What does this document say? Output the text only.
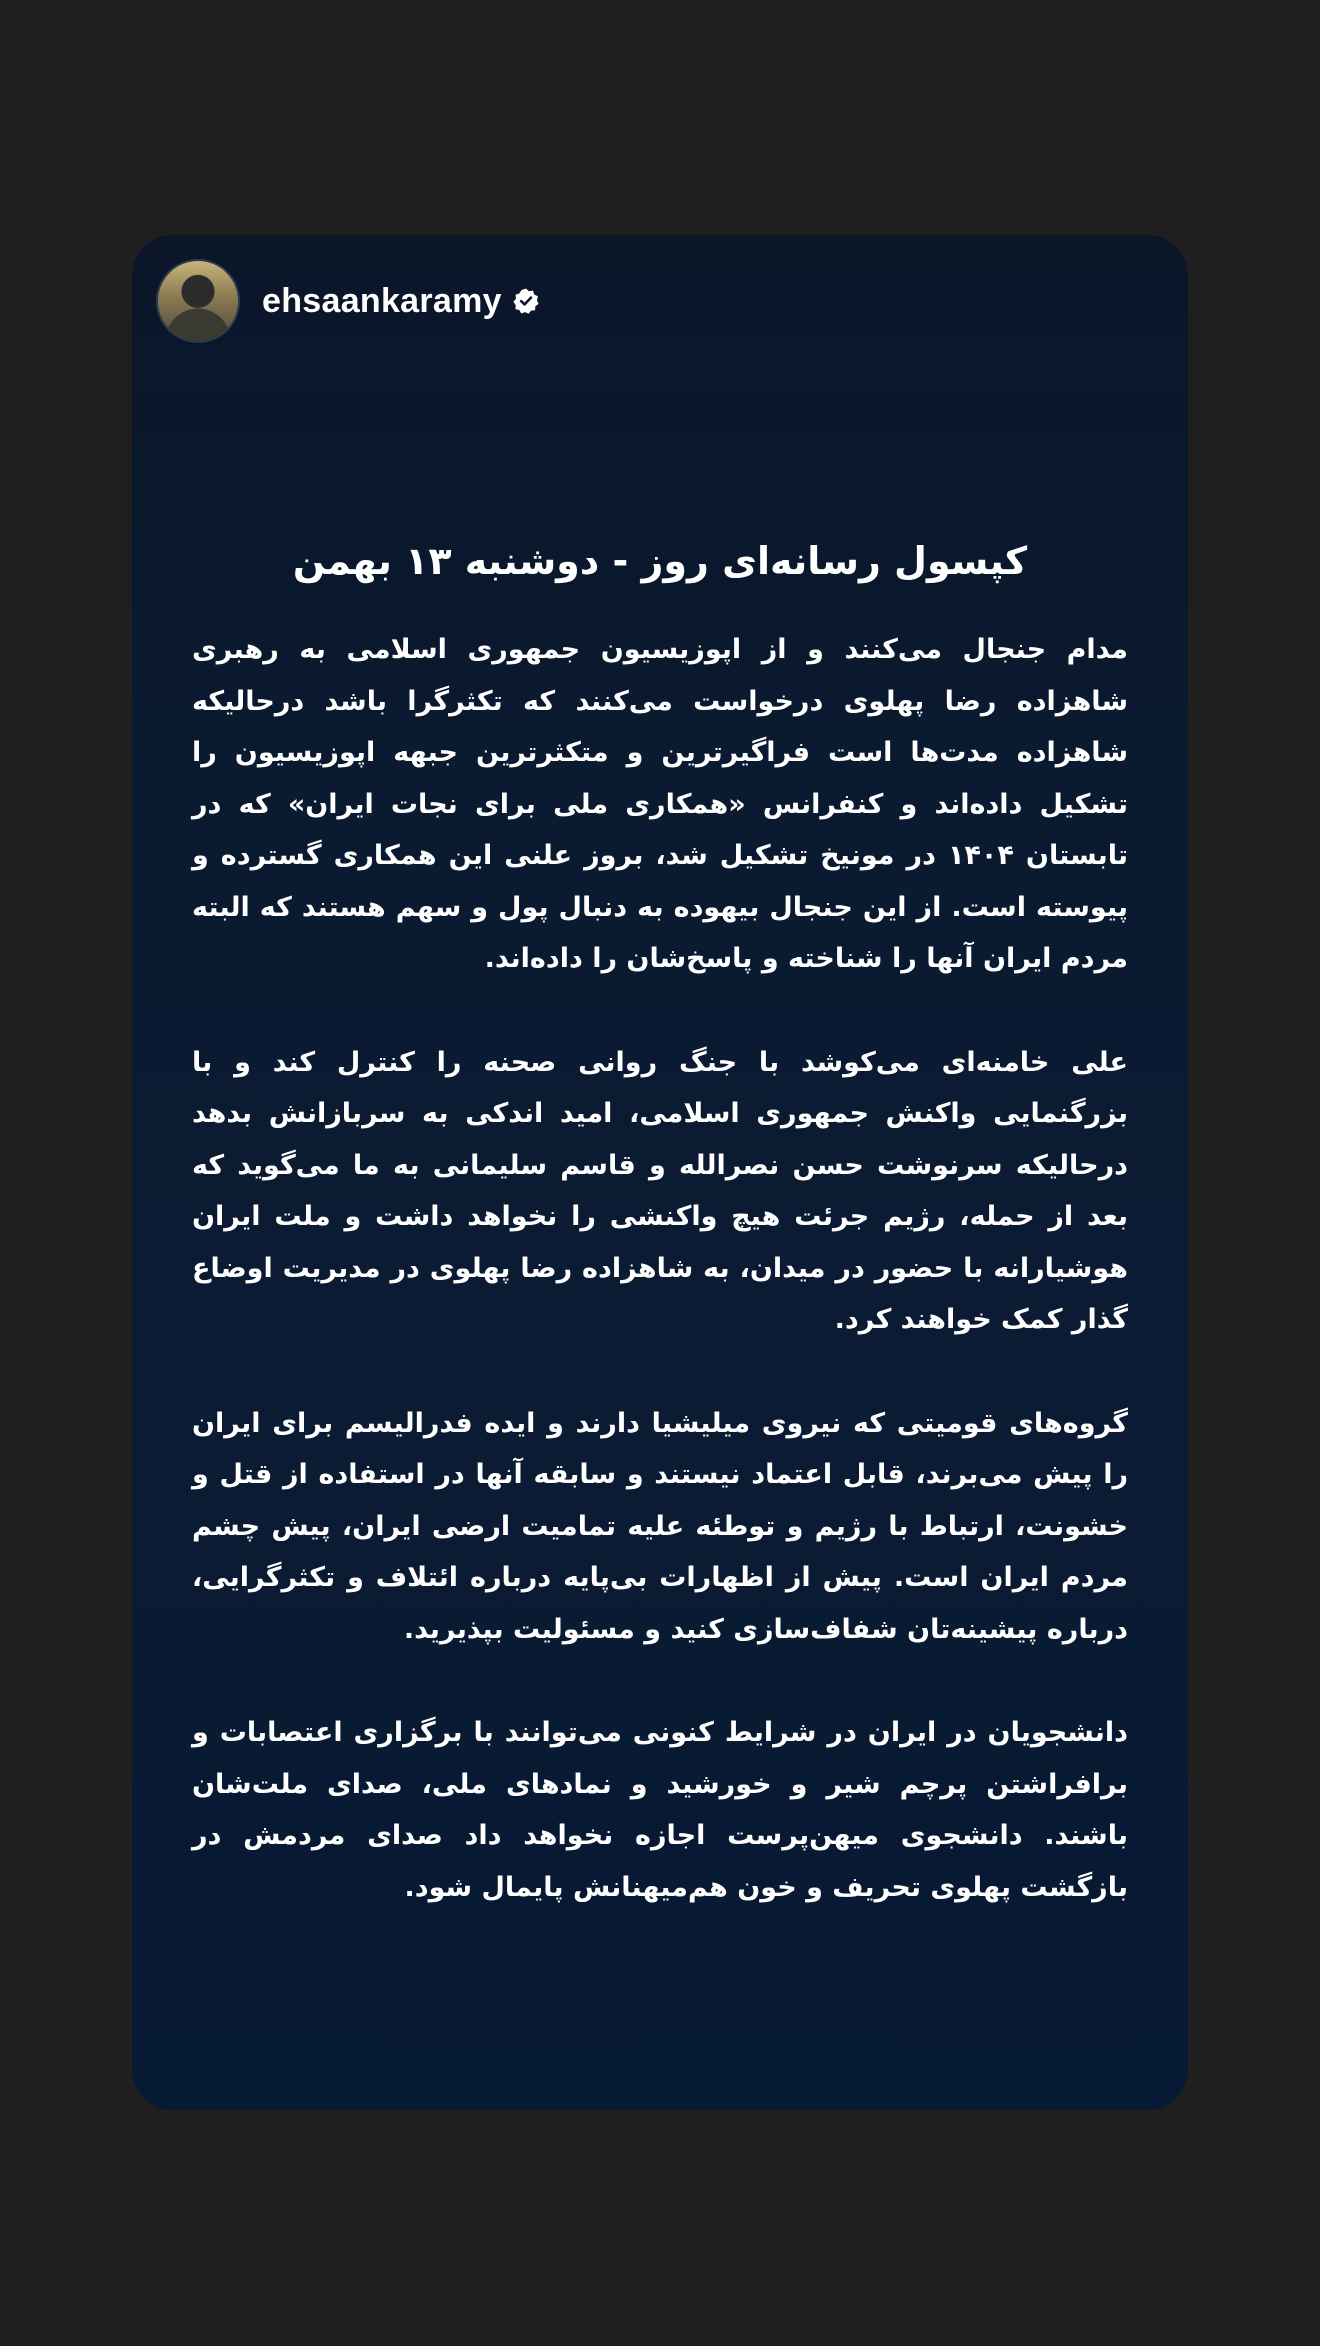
ehsaankaramy
کپسول رسانه‌ای روز - دوشنبه ۱۳ بهمن

مدام جنجال می‌کنند و از اپوزیسیون جمهوری اسلامی به رهبری شاهزاده رضا پهلوی درخواست می‌کنند که تکثرگرا باشد درحالیکه شاهزاده مدت‌ها است فراگیرترین و متکثرترین جبهه اپوزیسیون را تشکیل داده‌اند و کنفرانس «همکاری ملی برای نجات ایران» که در تابستان ۱۴۰۴ در مونیخ تشکیل شد، بروز علنی این همکاری گسترده و پیوسته است. از این جنجال بیهوده به دنبال پول و سهم هستند که البته مردم ایران آنها را شناخته و پاسخ‌شان را داده‌اند.

علی خامنه‌ای می‌کوشد با جنگ روانی صحنه را کنترل کند و با بزرگنمایی واکنش جمهوری اسلامی، امید اندکی به سربازانش بدهد درحالیکه سرنوشت حسن نصرالله و قاسم سلیمانی به ما می‌گوید که بعد از حمله، رژیم جرئت هیچ واکنشی را نخواهد داشت و ملت ایران هوشیارانه با حضور در میدان، به شاهزاده رضا پهلوی در مدیریت اوضاع گذار کمک خواهند کرد.

گروه‌های قومیتی که نیروی میلیشیا دارند و ایده فدرالیسم برای ایران را پیش می‌برند، قابل اعتماد نیستند و سابقه آنها در استفاده از قتل و خشونت، ارتباط با رژیم و توطئه علیه تمامیت ارضی ایران، پیش چشم مردم ایران است. پیش از اظهارات بی‌پایه درباره ائتلاف و تکثرگرایی، درباره پیشینه‌تان شفاف‌سازی کنید و مسئولیت بپذیرید.

دانشجویان در ایران در شرایط کنونی می‌توانند با برگزاری اعتصابات و برافراشتن پرچم شیر و خورشید و نمادهای ملی، صدای ملت‌شان باشند. دانشجوی میهن‌پرست اجازه نخواهد داد صدای مردمش در بازگشت پهلوی تحریف و خون هم‌میهنانش پایمال شود.
